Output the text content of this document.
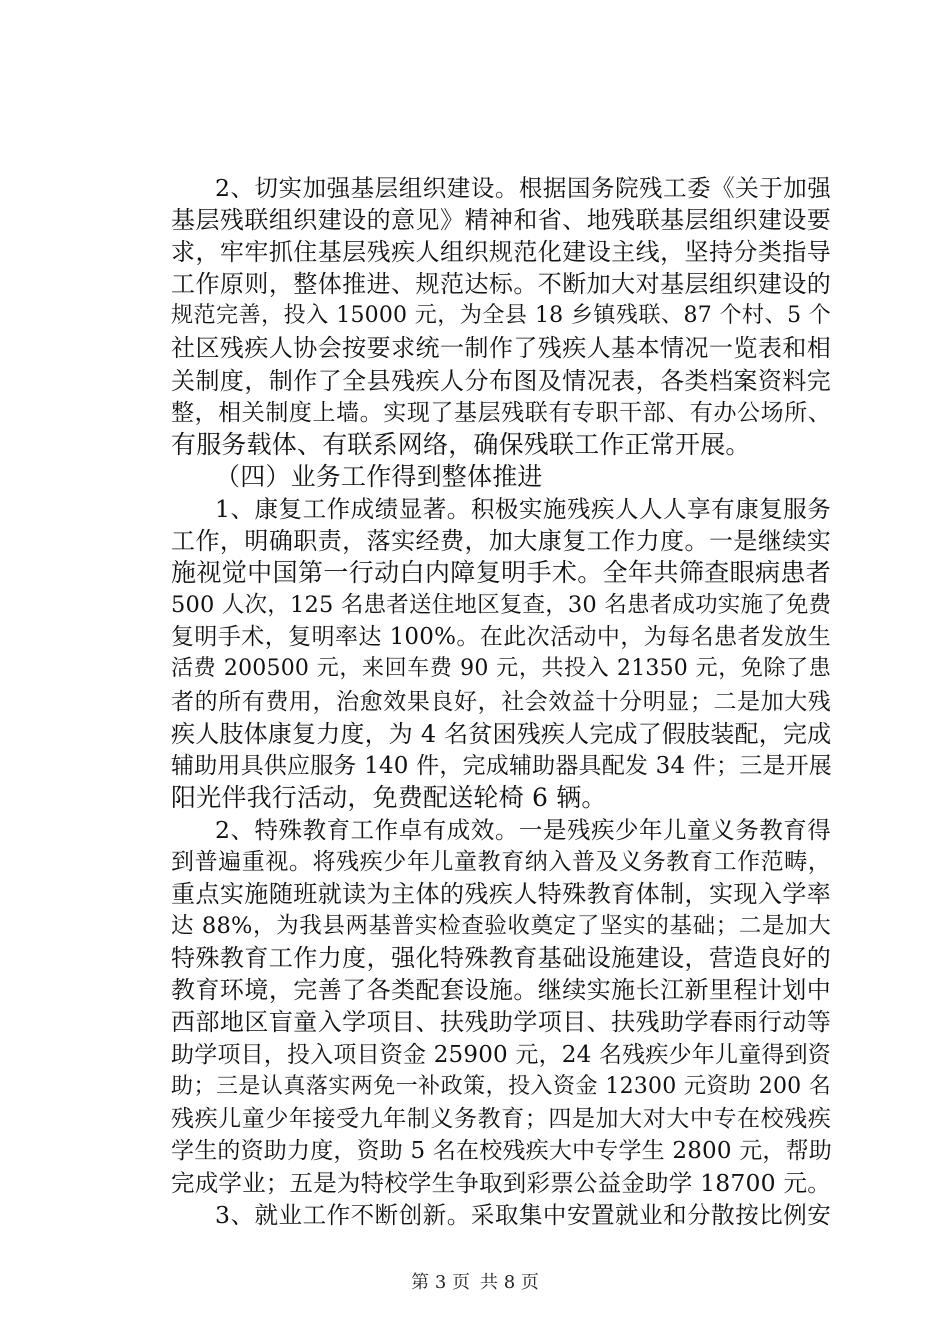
2、切实加强基层组织建设。根据国务院残工委《关于加强
基层残联组织建设的意见》精神和省、地残联基层组织建设要
求，牢牢抓住基层残疾人组织规范化建设主线，坚持分类指导
工作原则，整体推进、规范达标。不断加大对基层组织建设的
规范完善，投入 15000 元，为全县 18 乡镇残联、87 个村、5 个
社区残疾人协会按要求统一制作了残疾人基本情况一览表和相
关制度，制作了全县残疾人分布图及情况表，各类档案资料完
整，相关制度上墙。实现了基层残联有专职干部、有办公场所、
有服务载体、有联系网络，确保残联工作正常开展。
（四）业务工作得到整体推进
1、康复工作成绩显著。积极实施残疾人人人享有康复服务
工作，明确职责，落实经费，加大康复工作力度。一是继续实
施视觉中国第一行动白内障复明手术。全年共筛查眼病患者
500 人次，125 名患者送住地区复查，30 名患者成功实施了免费
复明手术，复明率达 100%。在此次活动中，为每名患者发放生
活费 200500 元，来回车费 90 元，共投入 21350 元，免除了患
者的所有费用，治愈效果良好，社会效益十分明显；二是加大残
疾人肢体康复力度，为 4 名贫困残疾人完成了假肢装配，完成
辅助用具供应服务 140 件，完成辅助器具配发 34 件；三是开展
阳光伴我行活动，免费配送轮椅 6 辆。
2、特殊教育工作卓有成效。一是残疾少年儿童义务教育得
到普遍重视。将残疾少年儿童教育纳入普及义务教育工作范畴，
重点实施随班就读为主体的残疾人特殊教育体制，实现入学率
达 88%，为我县两基普实检查验收奠定了坚实的基础；二是加大
特殊教育工作力度，强化特殊教育基础设施建设，营造良好的
教育环境，完善了各类配套设施。继续实施长江新里程计划中
西部地区盲童入学项目、扶残助学项目、扶残助学春雨行动等
助学项目，投入项目资金 25900 元，24 名残疾少年儿童得到资
助；三是认真落实两免一补政策，投入资金 12300 元资助 200 名
残疾儿童少年接受九年制义务教育；四是加大对大中专在校残疾
学生的资助力度，资助 5 名在校残疾大中专学生 2800 元，帮助
完成学业；五是为特校学生争取到彩票公益金助学 18700 元。
3、就业工作不断创新。采取集中安置就业和分散按比例安
第 3 页 共 8 页
